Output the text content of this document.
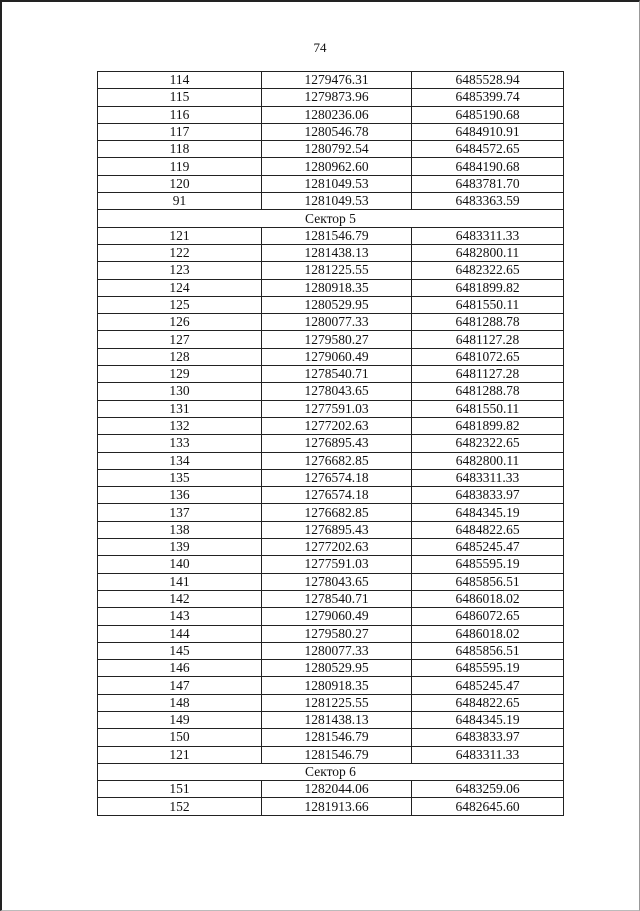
74
114	1279476.31	6485528.94
115	1279873.96	6485399.74
116	1280236.06	6485190.68
117	1280546.78	6484910.91
118	1280792.54	6484572.65
119	1280962.60	6484190.68
120	1281049.53	6483781.70
91	1281049.53	6483363.59
Сектор 5		
121	1281546.79	6483311.33
122	1281438.13	6482800.11
123	1281225.55	6482322.65
124	1280918.35	6481899.82
125	1280529.95	6481550.11
126	1280077.33	6481288.78
127	1279580.27	6481127.28
128	1279060.49	6481072.65
129	1278540.71	6481127.28
130	1278043.65	6481288.78
131	1277591.03	6481550.11
132	1277202.63	6481899.82
133	1276895.43	6482322.65
134	1276682.85	6482800.11
135	1276574.18	6483311.33
136	1276574.18	6483833.97
137	1276682.85	6484345.19
138	1276895.43	6484822.65
139	1277202.63	6485245.47
140	1277591.03	6485595.19
141	1278043.65	6485856.51
142	1278540.71	6486018.02
143	1279060.49	6486072.65
144	1279580.27	6486018.02
145	1280077.33	6485856.51
146	1280529.95	6485595.19
147	1280918.35	6485245.47
148	1281225.55	6484822.65
149	1281438.13	6484345.19
150	1281546.79	6483833.97
121	1281546.79	6483311.33
Сектор 6		
151	1282044.06	6483259.06
152	1281913.66	6482645.60
